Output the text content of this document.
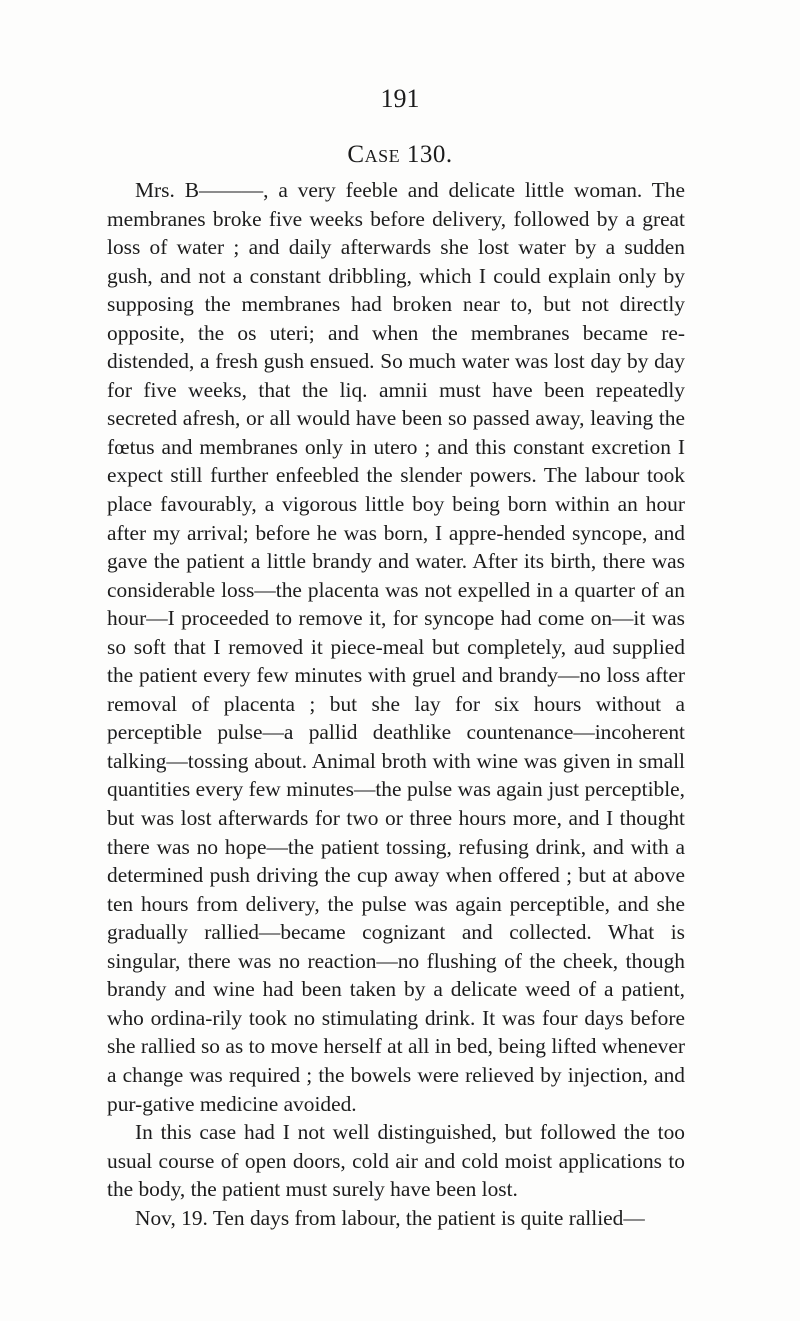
191
Case 130.

Mrs. B———, a very feeble and delicate little woman. The membranes broke five weeks before delivery, followed by a great loss of water ; and daily afterwards she lost water by a sudden gush, and not a constant dribbling, which I could explain only by supposing the membranes had broken near to, but not directly opposite, the os uteri; and when the membranes became re-distended, a fresh gush ensued. So much water was lost day by day for five weeks, that the liq. amnii must have been repeatedly secreted afresh, or all would have been so passed away, leaving the fœtus and membranes only in utero ; and this constant excretion I expect still further enfeebled the slender powers. The labour took place favourably, a vigorous little boy being born within an hour after my arrival; before he was born, I appre-hended syncope, and gave the patient a little brandy and water. After its birth, there was considerable loss—the placenta was not expelled in a quarter of an hour—I proceeded to remove it, for syncope had come on—it was so soft that I removed it piece-meal but completely, aud supplied the patient every few minutes with gruel and brandy—no loss after removal of placenta ; but she lay for six hours without a perceptible pulse—a pallid deathlike countenance—incoherent talking—tossing about. Animal broth with wine was given in small quantities every few minutes—the pulse was again just perceptible, but was lost afterwards for two or three hours more, and I thought there was no hope—the patient tossing, refusing drink, and with a determined push driving the cup away when offered ; but at above ten hours from delivery, the pulse was again perceptible, and she gradually rallied—became cognizant and collected. What is singular, there was no reaction—no flushing of the cheek, though brandy and wine had been taken by a delicate weed of a patient, who ordina-rily took no stimulating drink. It was four days before she rallied so as to move herself at all in bed, being lifted whenever a change was required ; the bowels were relieved by injection, and pur-gative medicine avoided.

In this case had I not well distinguished, but followed the too usual course of open doors, cold air and cold moist applications to the body, the patient must surely have been lost.

Nov, 19. Ten days from labour, the patient is quite rallied—
